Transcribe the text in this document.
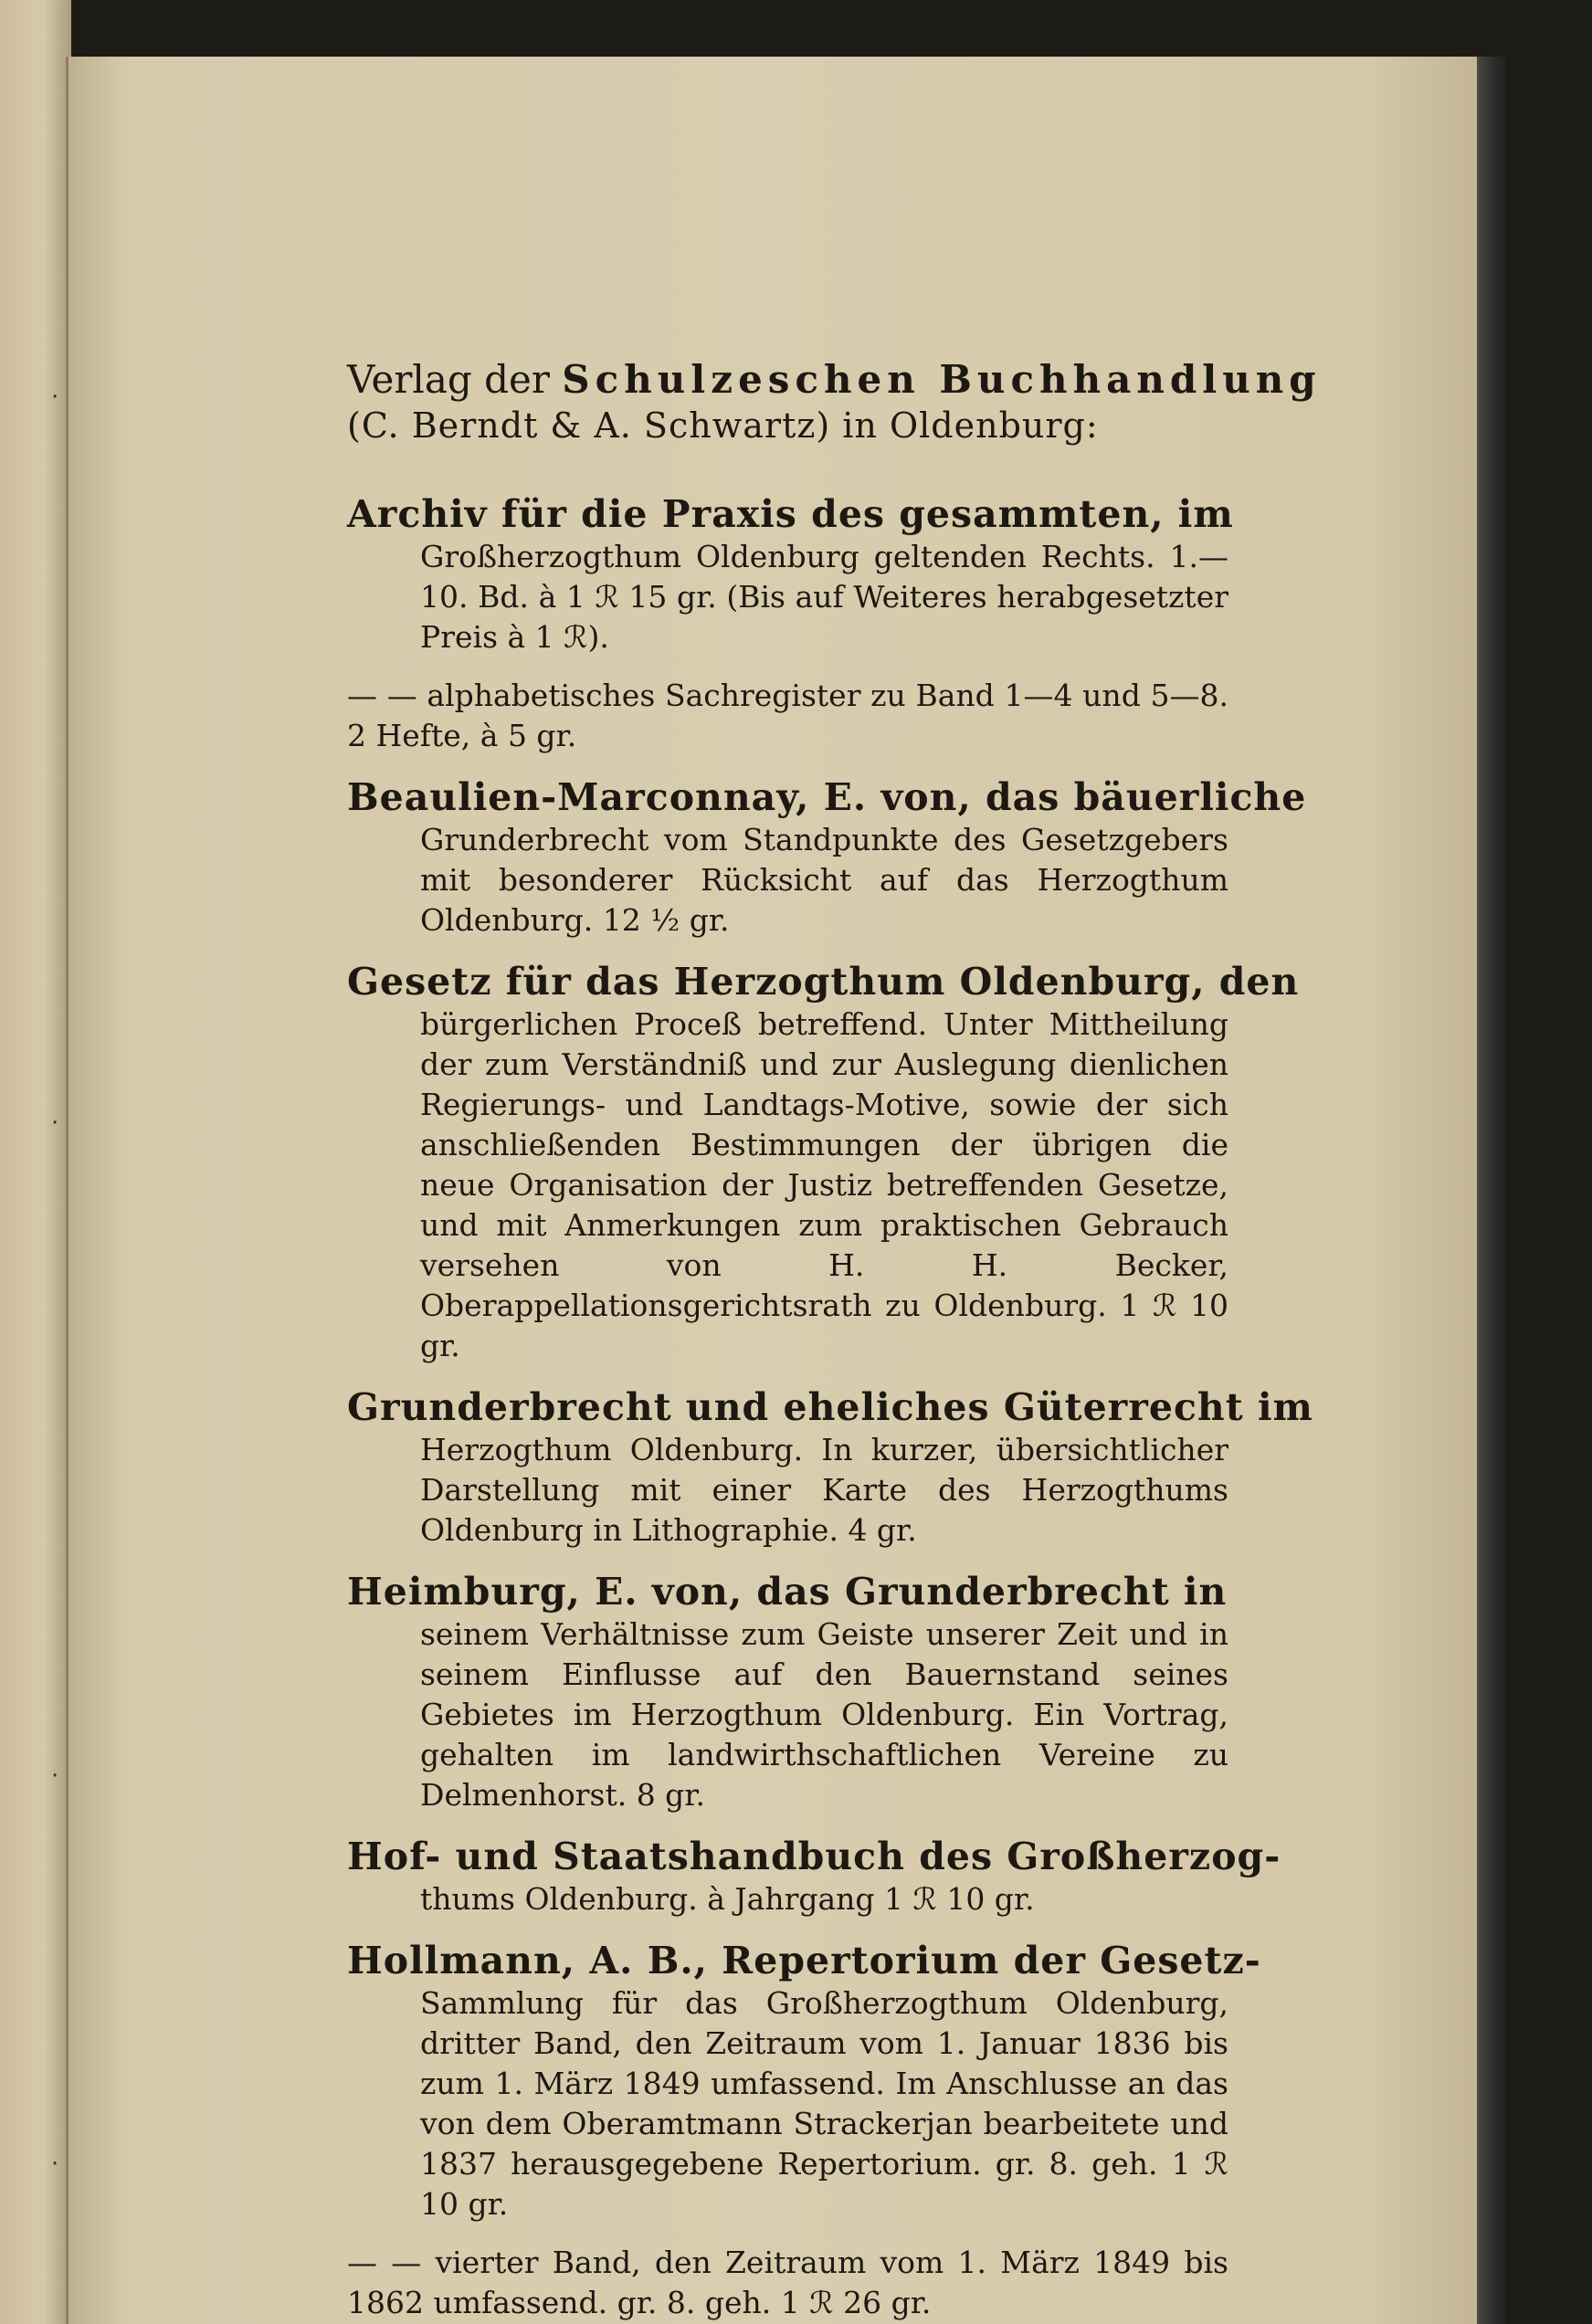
·
·
·
·
Verlag der Schulzeschen Buchhandlung
(C. Berndt & A. Schwartz) in Oldenburg:
Archiv für die Praxis des gesammten, im
Großherzogthum Oldenburg geltenden Rechts. 1.—10. Bd. à 1 ℛ 15 gr. (Bis auf Weiteres herabgesetzter Preis à 1 ℛ).
— — alphabetisches Sachregister zu Band 1—4 und 5—8. 2 Hefte, à 5 gr.
Beaulien-Marconnay, E. von, das bäuerliche
Grunderbrecht vom Standpunkte des Gesetzgebers mit besonderer Rücksicht auf das Herzogthum Oldenburg. 12 ½ gr.
Gesetz für das Herzogthum Oldenburg, den
bürgerlichen Proceß betreffend. Unter Mittheilung der zum Verständniß und zur Auslegung dienlichen Regierungs- und Landtags-Motive, sowie der sich anschließenden Bestimmungen der übrigen die neue Organisation der Justiz betreffenden Gesetze, und mit Anmerkungen zum praktischen Gebrauch versehen von H. H. Becker, Oberappellationsgerichtsrath zu Oldenburg. 1 ℛ 10 gr.
Grunderbrecht und eheliches Güterrecht im
Herzogthum Oldenburg. In kurzer, übersichtlicher Darstellung mit einer Karte des Herzogthums Oldenburg in Lithographie. 4 gr.
Heimburg, E. von, das Grunderbrecht in
seinem Verhältnisse zum Geiste unserer Zeit und in seinem Einflusse auf den Bauernstand seines Gebietes im Herzogthum Oldenburg. Ein Vortrag, gehalten im landwirthschaftlichen Vereine zu Delmenhorst. 8 gr.
Hof- und Staatshandbuch des Großherzog-
thums Oldenburg. à Jahrgang 1 ℛ 10 gr.
Hollmann, A. B., Repertorium der Gesetz-
Sammlung für das Großherzogthum Oldenburg, dritter Band, den Zeitraum vom 1. Januar 1836 bis zum 1. März 1849 umfassend. Im Anschlusse an das von dem Oberamtmann Strackerjan bearbeitete und 1837 herausgegebene Repertorium. gr. 8. geh. 1 ℛ 10 gr.
— — vierter Band, den Zeitraum vom 1. März 1849 bis 1862 umfassend. gr. 8. geh. 1 ℛ 26 gr.
